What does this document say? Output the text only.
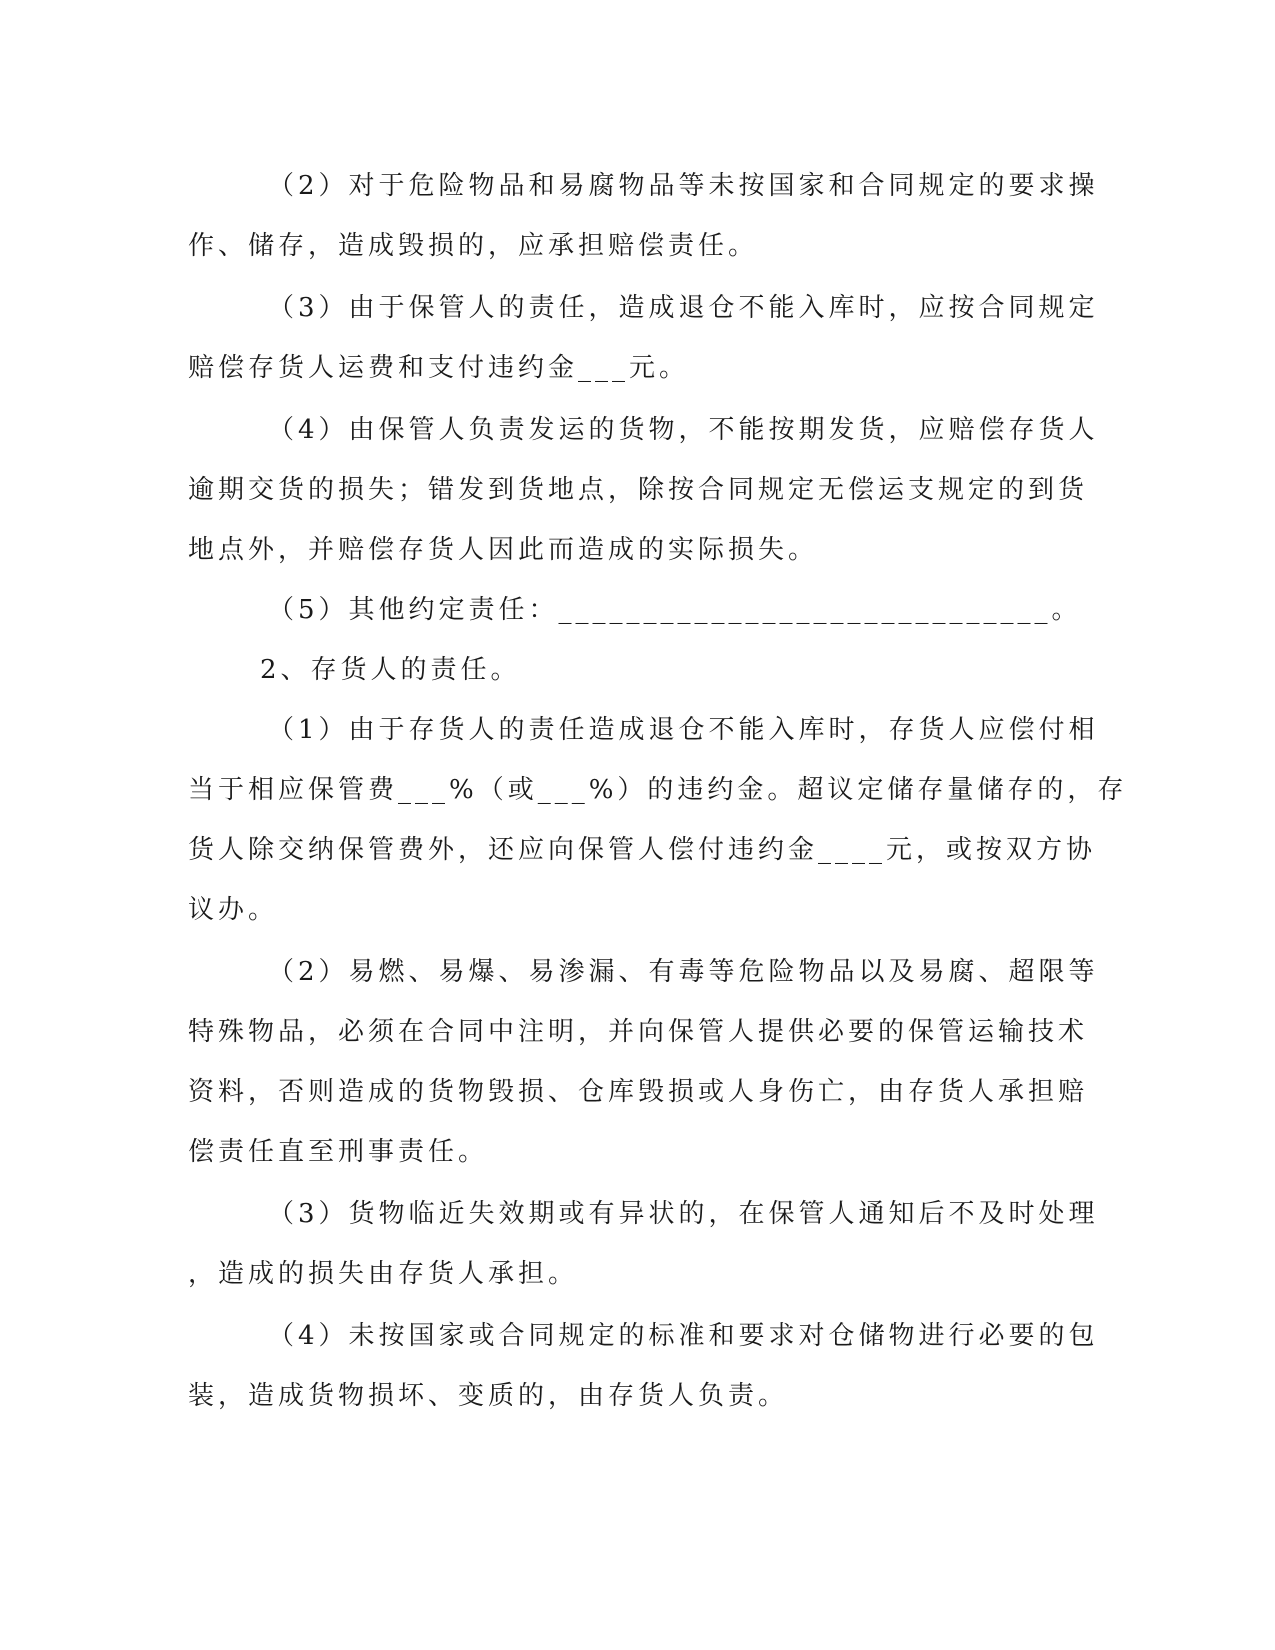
（2）对于危险物品和易腐物品等未按国家和合同规定的要求操
作、储存，造成毁损的，应承担赔偿责任。
（3）由于保管人的责任，造成退仓不能入库时，应按合同规定
赔偿存货人运费和支付违约金___元。
（4）由保管人负责发运的货物，不能按期发货，应赔偿存货人
逾期交货的损失；错发到货地点，除按合同规定无偿运支规定的到货
地点外，并赔偿存货人因此而造成的实际损失。
（5）其他约定责任：_____________________________。
2、存货人的责任。
（1）由于存货人的责任造成退仓不能入库时，存货人应偿付相
当于相应保管费___%（或___%）的违约金。超议定储存量储存的，存
货人除交纳保管费外，还应向保管人偿付违约金____元，或按双方协
议办。
（2）易燃、易爆、易渗漏、有毒等危险物品以及易腐、超限等
特殊物品，必须在合同中注明，并向保管人提供必要的保管运输技术
资料，否则造成的货物毁损、仓库毁损或人身伤亡，由存货人承担赔
偿责任直至刑事责任。
（3）货物临近失效期或有异状的，在保管人通知后不及时处理
，造成的损失由存货人承担。
（4）未按国家或合同规定的标准和要求对仓储物进行必要的包
装，造成货物损坏、变质的，由存货人负责。
